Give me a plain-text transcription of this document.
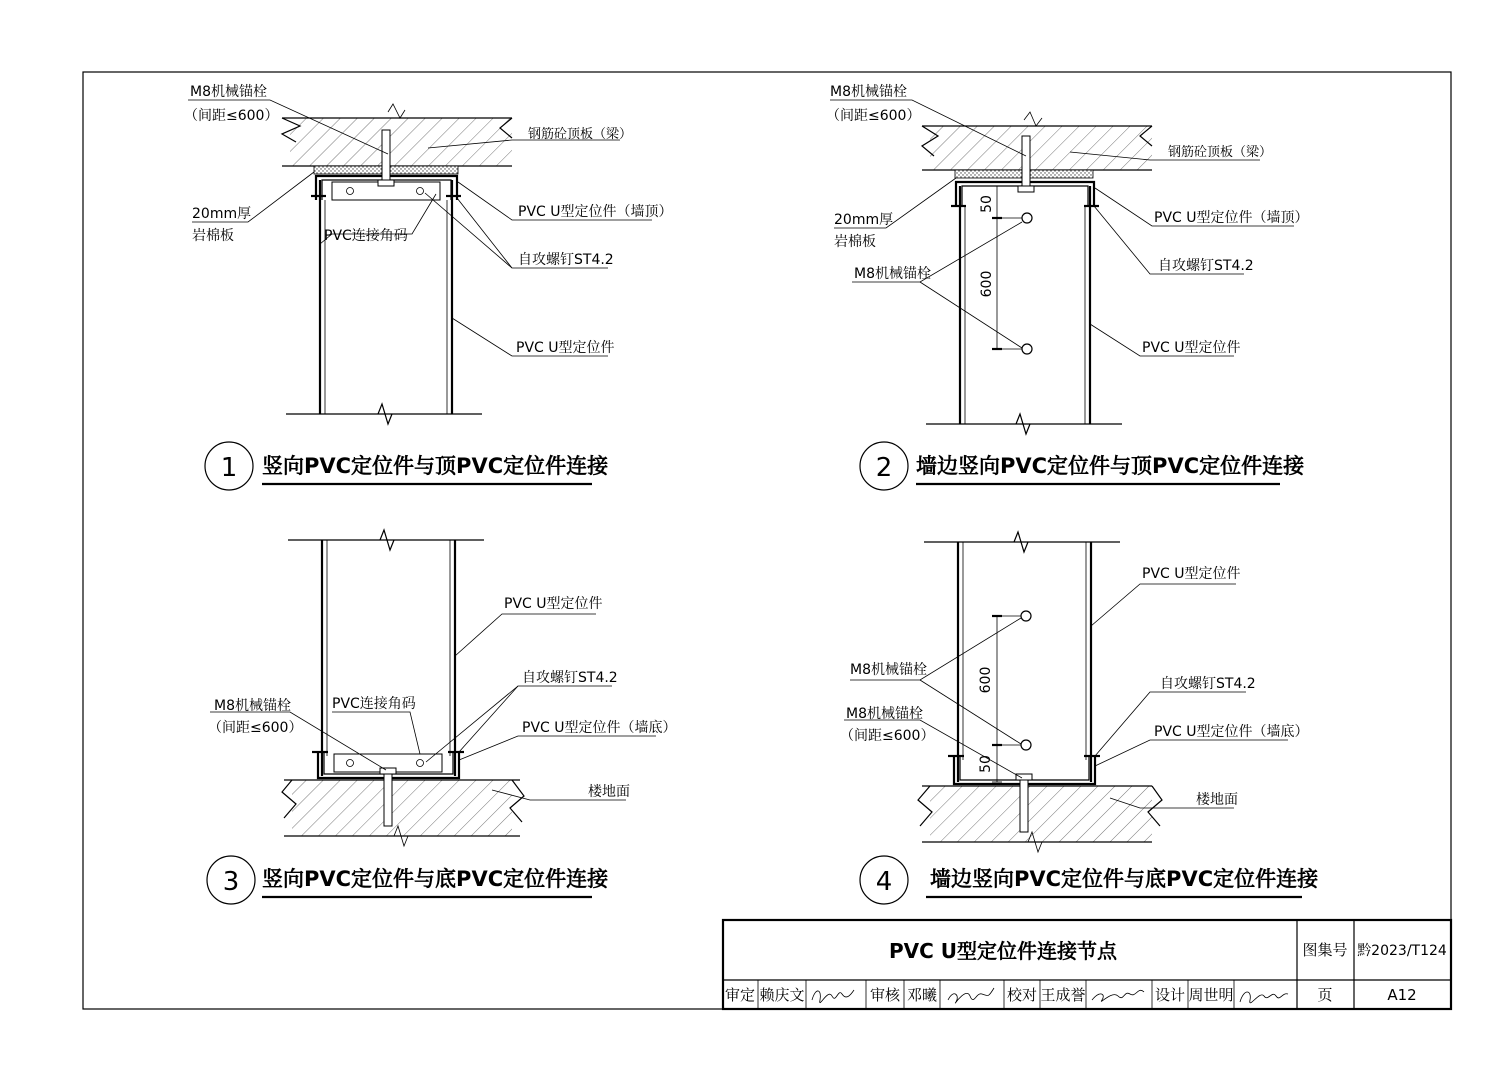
M8机械锚栓
（间距≤600）
钢筋砼顶板（梁）
20mm厚
岩棉板	PVC连接角码
PVC U型定位件（墙顶）
自攻螺钉ST4.2
PVC U型定位件
1 竖向PVC定位件与顶PVC定位件连接
50
600
M8机械锚栓
（间距≤600）
钢筋砼顶板（梁）
20mm厚
岩棉板
M8机械锚栓
PVC U型定位件（墙顶）
自攻螺钉ST4.2
PVC U型定位件
2 墙边竖向PVC定位件与顶PVC定位件连接
PVC U型定位件
自攻螺钉ST4.2
M8机械锚栓
（间距≤600）
PVC连接角码
PVC U型定位件（墙底）
楼地面
3 竖向PVC定位件与底PVC定位件连接
600
50
PVC U型定位件
M8机械锚栓
自攻螺钉ST4.2
M8机械锚栓
（间距≤600）	PVC U型定位件（墙底）
楼地面
4 墙边竖向PVC定位件与底PVC定位件连接
PVC U型定位件连接节点	图集号 黔2023/T124
页	A12
审定 赖庆文	审核 邓曦	校对 王成誉	设计 周世明
